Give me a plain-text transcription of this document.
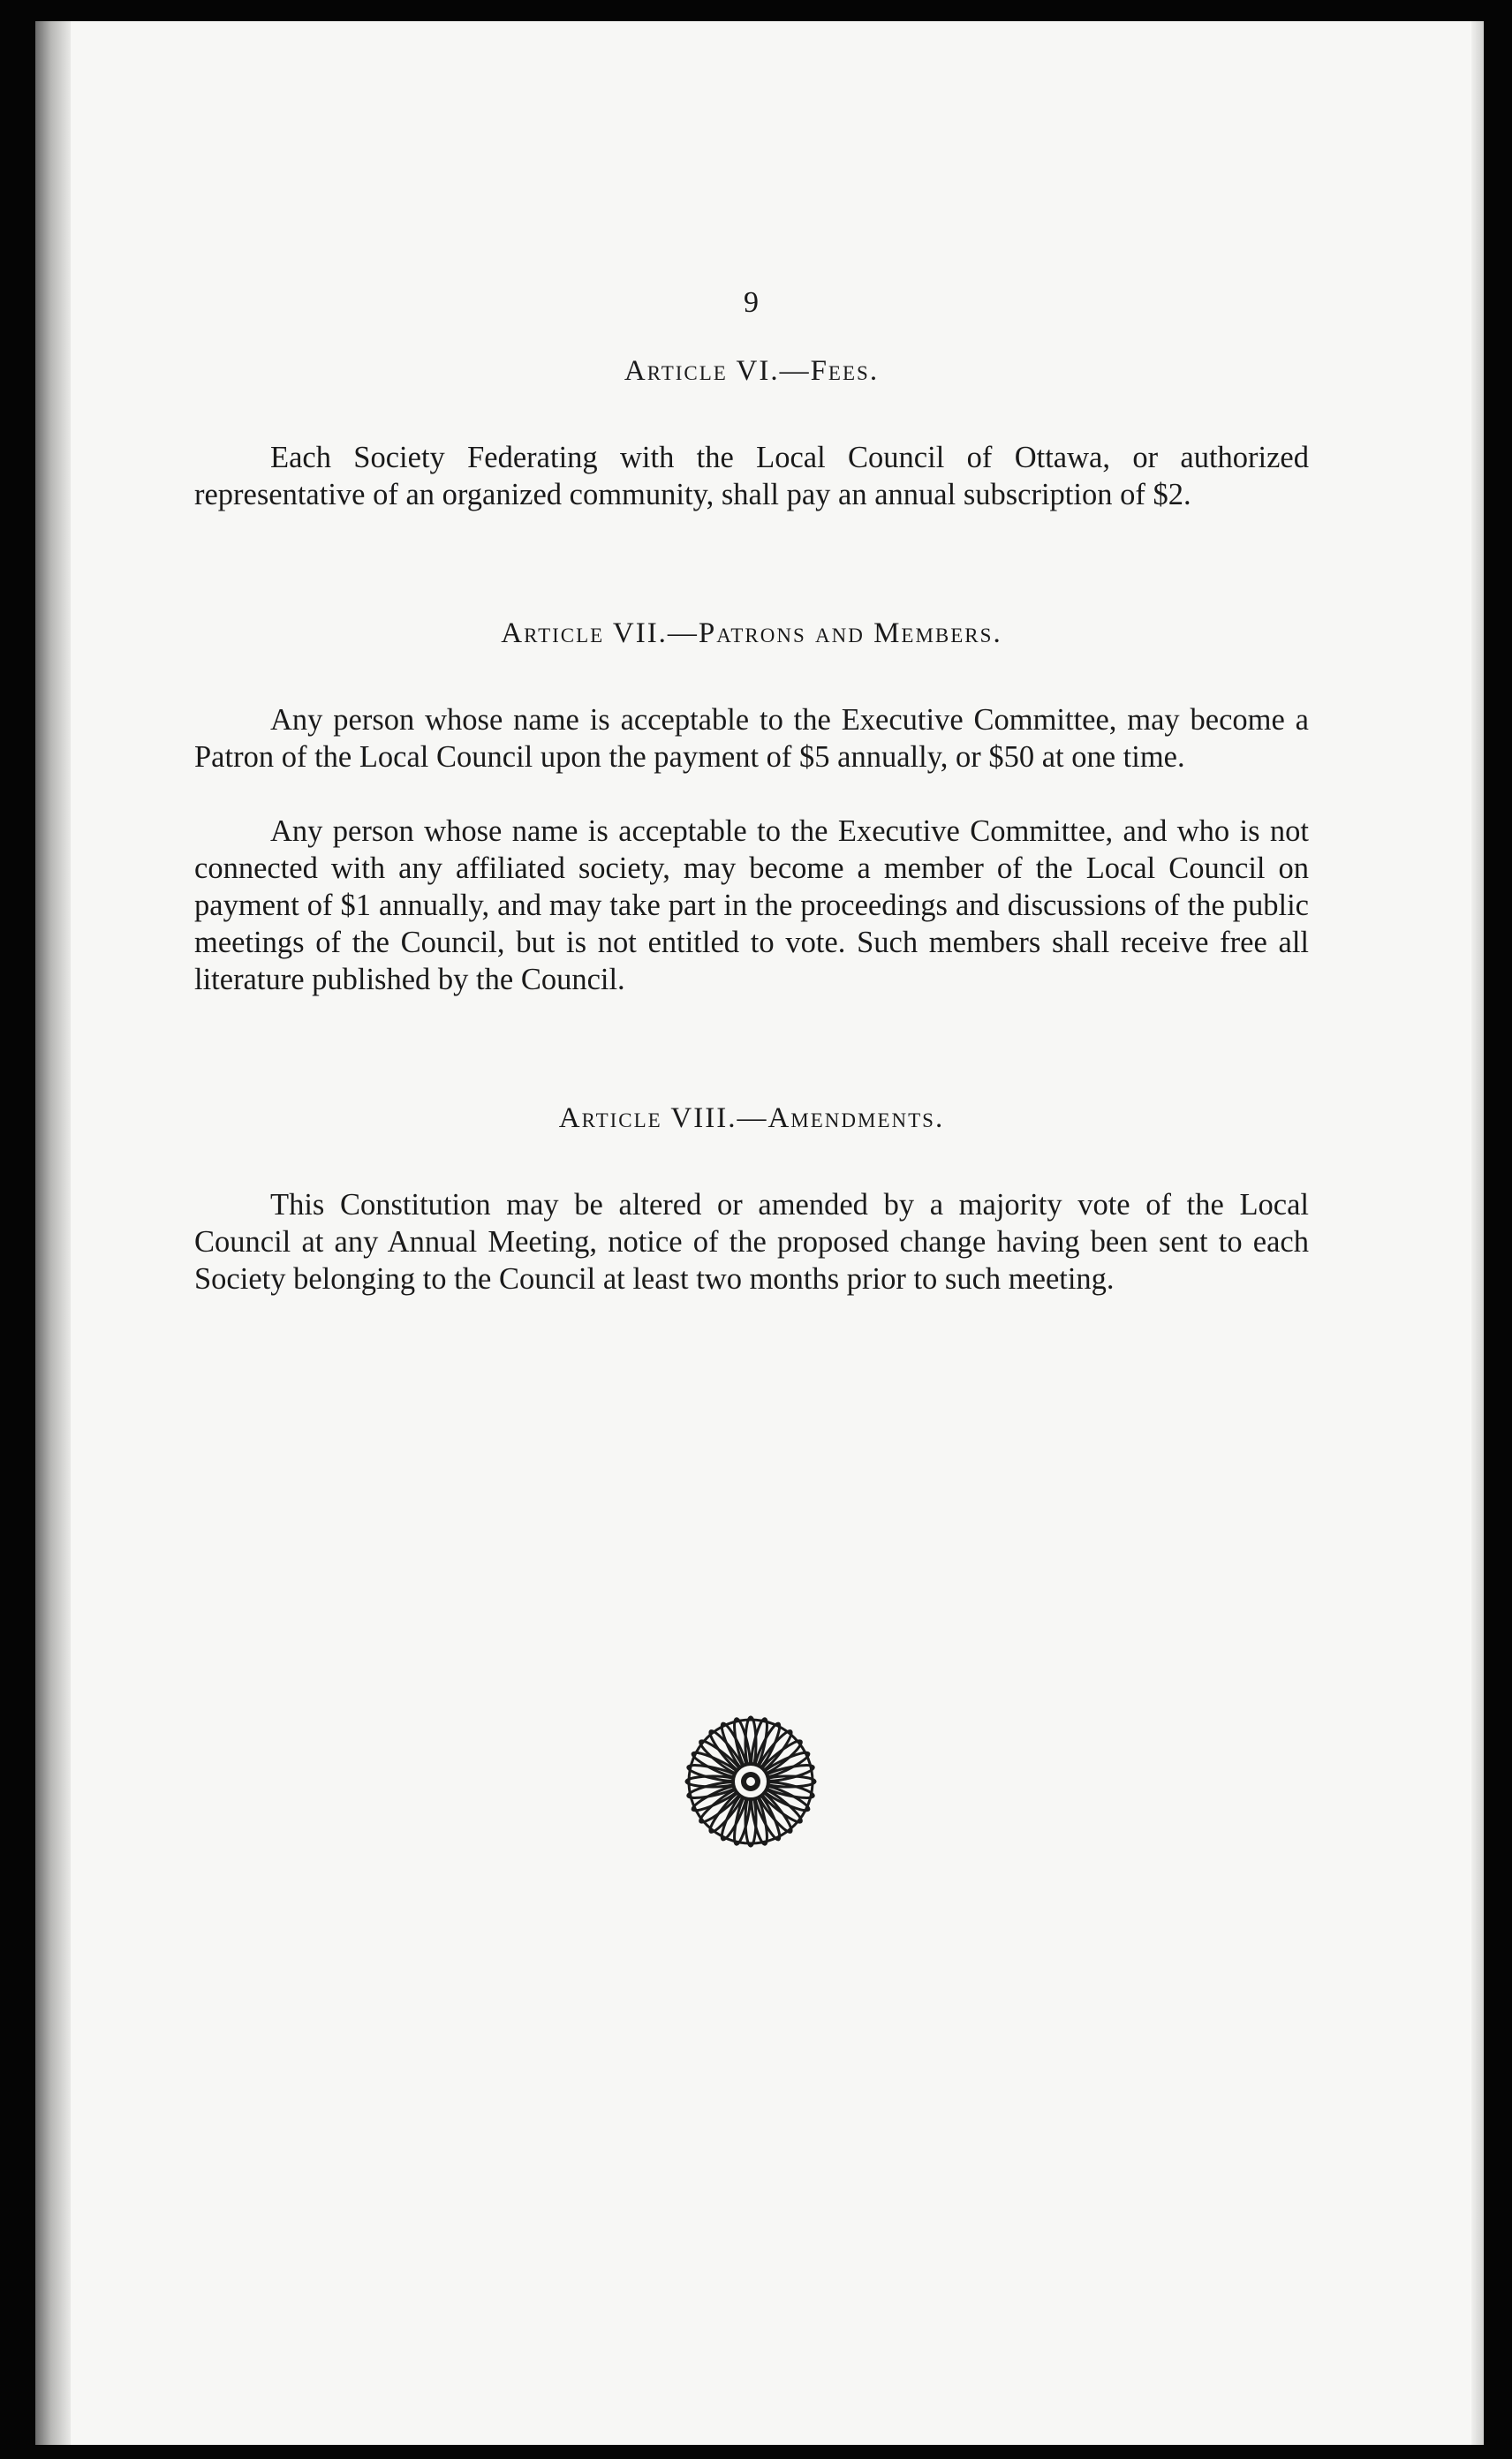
9
Article VI.—Fees.

Each Society Federating with the Local Council of Ottawa, or authorized representative of an organized community, shall pay an annual subscription of $2.

Article VII.—Patrons and Members.

Any person whose name is acceptable to the Executive Committee, may become a Patron of the Local Council upon the payment of $5 annually, or $50 at one time.

Any person whose name is acceptable to the Executive Committee, and who is not connected with any affiliated society, may become a member of the Local Council on payment of $1 annually, and may take part in the proceedings and discussions of the public meetings of the Council, but is not entitled to vote. Such members shall receive free all literature published by the Council.

Article VIII.—Amendments.

This Constitution may be altered or amended by a majority vote of the Local Council at any Annual Meeting, notice of the proposed change having been sent to each Society belonging to the Council at least two months prior to such meeting.
